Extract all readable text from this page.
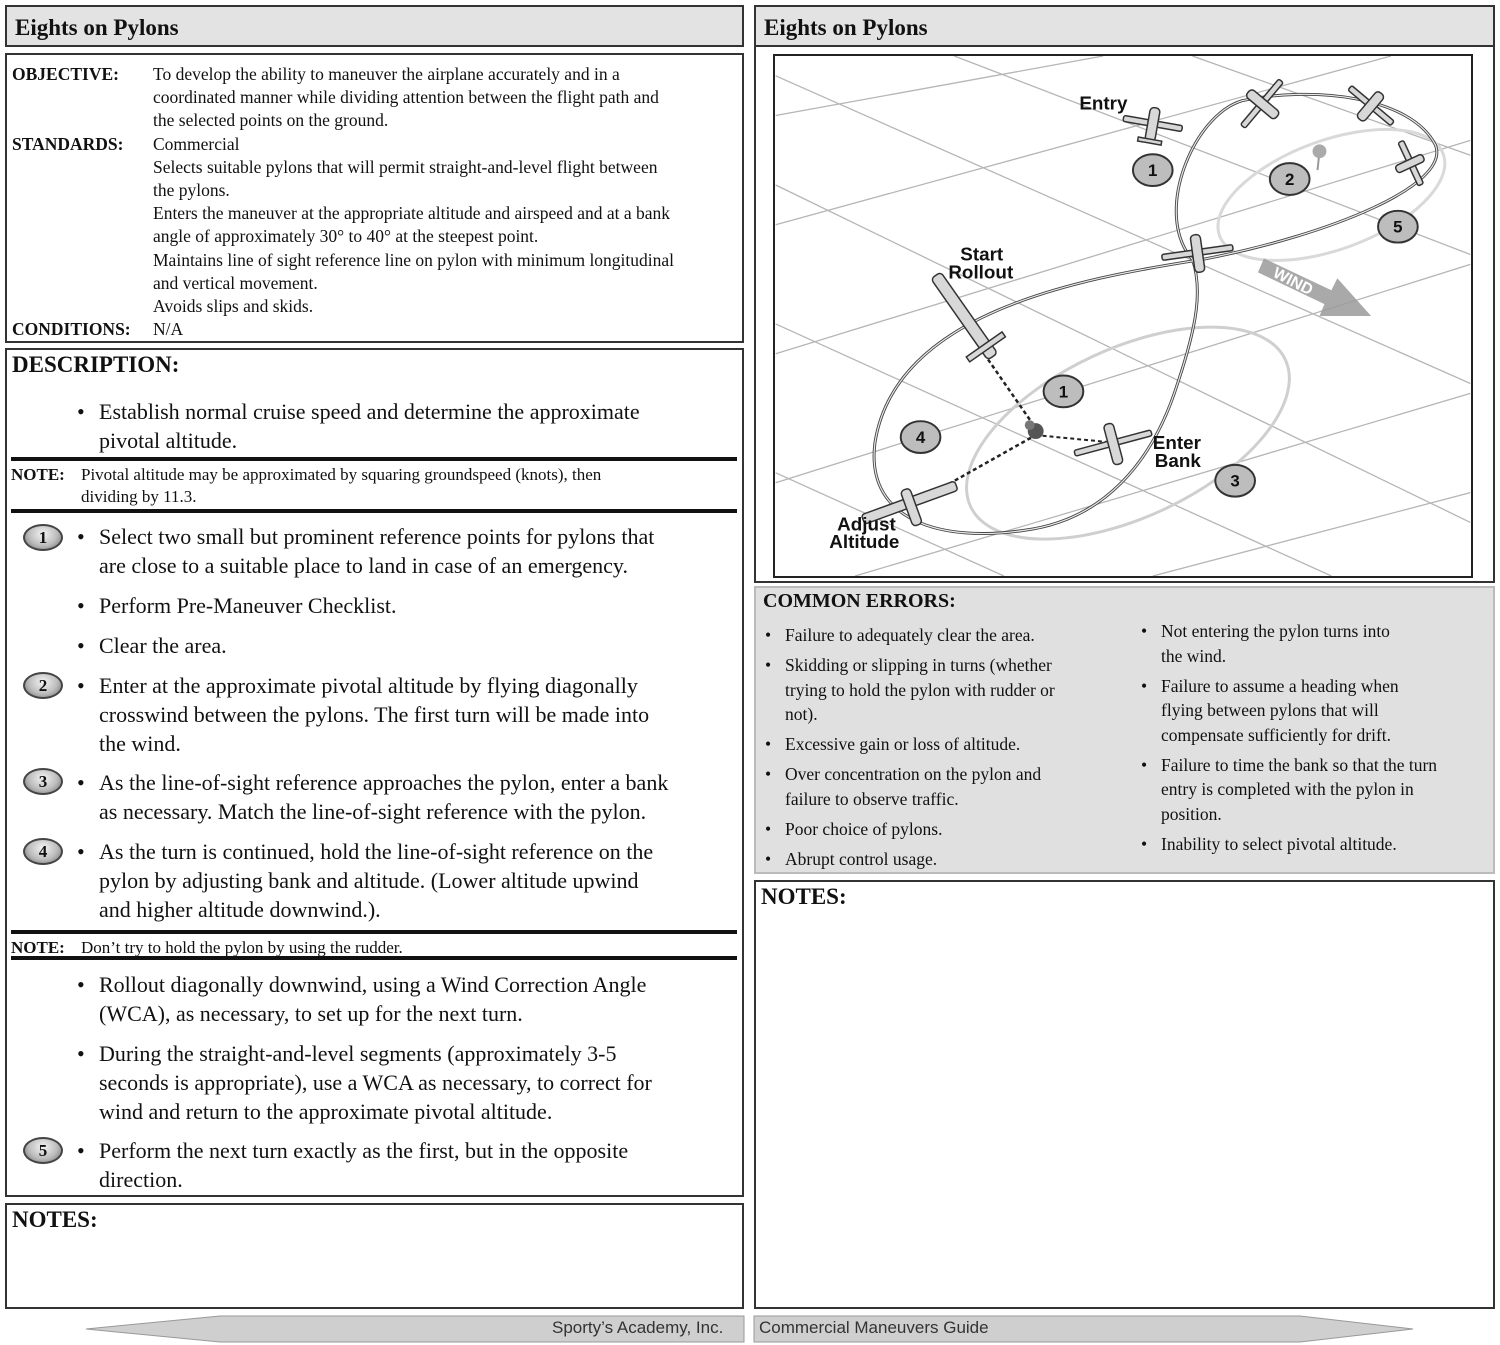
Eights on Pylons
OBJECTIVE:	To develop the ability to maneuver the airplane accurately and in a
coordinated manner while dividing attention between the flight path and
the selected points on the ground.
STANDARDS:	Commercial
Selects suitable pylons that will permit straight-and-level flight between
the pylons.
Enters the maneuver at the appropriate altitude and airspeed and at a bank
angle of approximately 30° to 40° at the steepest point.
Maintains line of sight reference line on pylon with minimum longitudinal
and vertical movement.
Avoids slips and skids.
CONDITIONS:	N/A
DESCRIPTION:
• Establish normal cruise speed and determine the approximate
pivotal altitude.
• Select two small but prominent reference points for pylons that
are close to a suitable place to land in case of an emergency.
1
• Perform Pre-Maneuver Checklist.
• Clear the area.
• Enter at the approximate pivotal altitude by flying diagonally
crosswind between the pylons. The first turn will be made into
the wind.
2
• As the line-of-sight reference approaches the pylon, enter a bank
as necessary. Match the line-of-sight reference with the pylon.
3
• As the turn is continued, hold the line-of-sight reference on the
pylon by adjusting bank and altitude. (Lower altitude upwind
and higher altitude downwind.).
4
• Rollout diagonally downwind, using a Wind Correction Angle
(WCA), as necessary, to set up for the next turn.
• During the straight-and-level segments (approximately 3-5
seconds is appropriate), use a WCA as necessary, to correct for
wind and return to the approximate pivotal altitude.
• Perform the next turn exactly as the first, but in the opposite
direction.
5
NOTE: Pivotal altitude may be approximated by squaring groundspeed (knots), then
dividing by 11.3.
NOTE: Don’t try to hold the pylon by using the rudder.
NOTES:
Eights on Pylons
WIND
1	2
1
5
4
3
Entry
Start
Rollout
Enter
Bank
Adjust
Altitude
COMMON ERRORS:
• Failure to adequately clear the area.
• Skidding or slipping in turns (whether
trying to hold the pylon with rudder or
not).
• Excessive gain or loss of altitude.
• Over concentration on the pylon and
failure to observe traffic.
• Poor choice of pylons.
• Abrupt control usage.
• Not entering the pylon turns into
the wind.
• Failure to assume a heading when
flying between pylons that will
compensate sufficiently for drift.
• Failure to time the bank so that the turn
entry is completed with the pylon in
position.
• Inability to select pivotal altitude.
NOTES:
Sporty’s Academy, Inc. Commercial Maneuvers Guide
